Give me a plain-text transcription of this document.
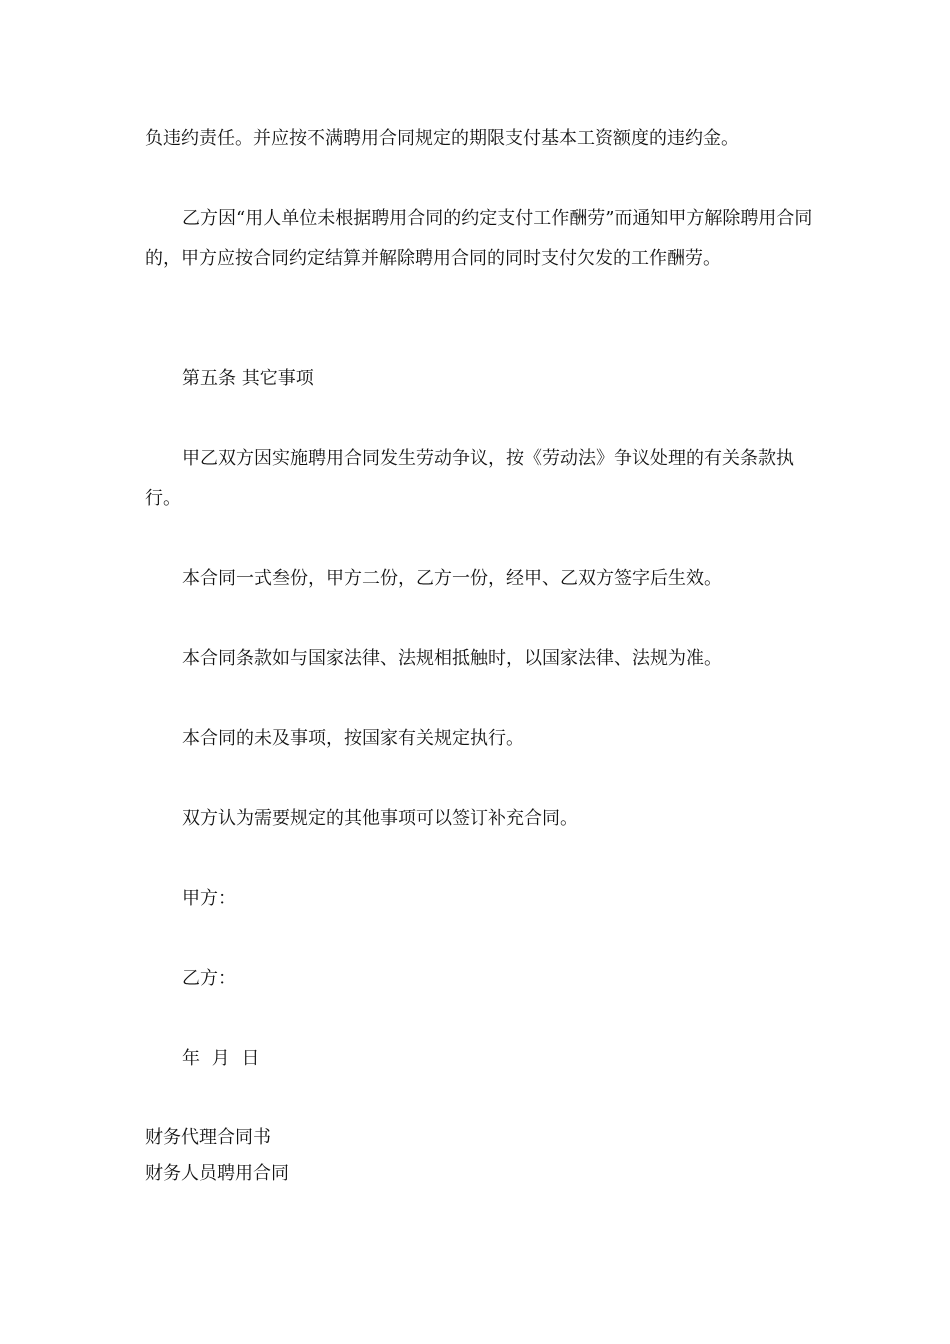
负违约责任。并应按不满聘用合同规定的期限支付基本工资额度的违约金。

乙方因“用人单位未根据聘用合同的约定支付工作酬劳”而通知甲方解除聘用合同的，甲方应按合同约定结算并解除聘用合同的同时支付欠发的工作酬劳。

第五条 其它事项

甲乙双方因实施聘用合同发生劳动争议，按《劳动法》争议处理的有关条款执行。

本合同一式叁份，甲方二份，乙方一份，经甲、乙双方签字后生效。

本合同条款如与国家法律、法规相抵触时，以国家法律、法规为准。

本合同的未及事项，按国家有关规定执行。

双方认为需要规定的其他事项可以签订补充合同。

甲方：

乙方：

年 月 日

财务代理合同书
财务人员聘用合同
